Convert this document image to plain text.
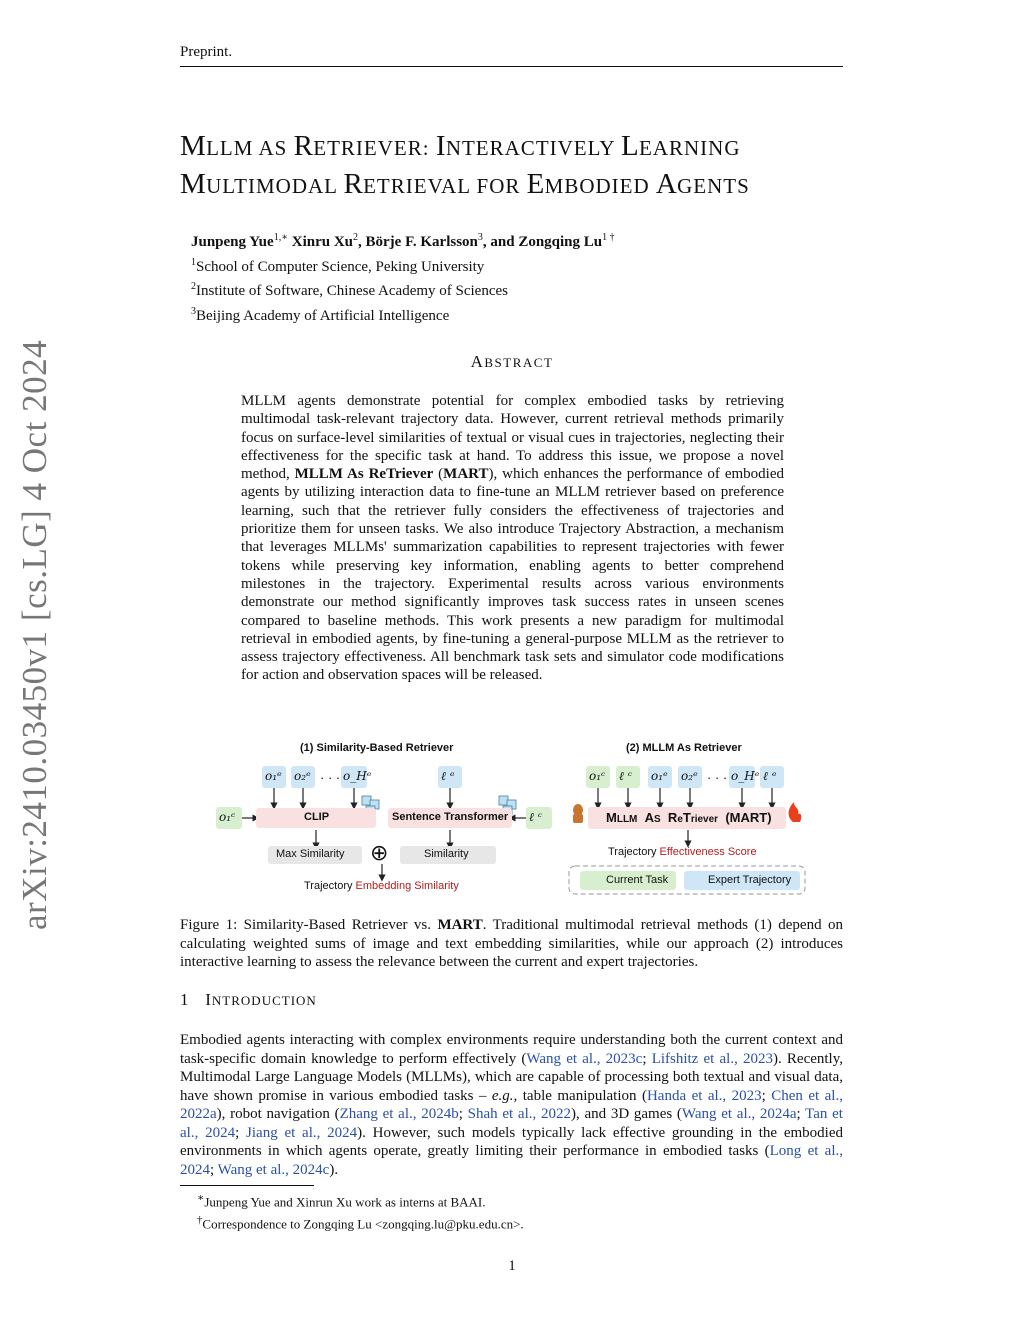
Preprint.
MLLM AS RETRIEVER: INTERACTIVELY LEARNING
MULTIMODAL RETRIEVAL FOR EMBODIED AGENTS
Junpeng Yue$^{1,∗}$ Xinru Xu$^2$, Börje F. Karlsson$^3$, and Zongqing $Lu^{1 \dagger}$
$^1$School of Computer Science, Peking University
$^2$Institute of Software, Chinese Academy of Sciences
$^3$Beijing Academy of Artificial Intelligence
arXiv:2410.03450v1 [cs.LG] 4 Oct 2024	ABSTRACT
MLLM agents demonstrate potential for complex embodied tasks by retrieving multimodal task-relevant trajectory data. However, current retrieval methods primarily focus on surface-level similarities of textual or visual cues in trajectories, neglecting their effectiveness for the specific task at hand. To address this issue, we propose a novel method, MLLM As ReTriever (MART), which enhances the performance of embodied agents by utilizing interaction data to fine-tune an MLLM retriever based on preference learning, such that the retriever fully considers the effectiveness of trajectories and prioritize them for unseen tasks. We also introduce Trajectory Abstraction, a mechanism that leverages MLLMs' summarization capabilities to represent trajectories with fewer tokens while preserving key information, enabling agents to better comprehend milestones in the trajectory. Experimental results across various environments demonstrate our method significantly improves task success rates in unseen scenes compared to baseline methods. This work presents a new paradigm for multimodal retrieval in embodied agents, by fine-tuning a general-purpose MLLM as the retriever to assess trajectory effectiveness. All benchmark task sets and simulator code modifications for action and observation spaces will be released.
(1) Similarity-Based Retriever	(2) MLLM As Retriever
o₁ᵉ o₂ᵉ · · · o_Hᵉ	ℓ ᵉ
o₁ᶜ	CLIP	Sentence Transformer ℓ ᶜ
Max Similarity ⊕	Similarity
Trajectory Embedding Similarity
o₁ᶜ ℓ ᶜ o₁ᵉ o₂ᵉ · · · o_Hᵉ ℓ ᵉ
MLLM AS ReTriever (MART)
Trajectory Effectiveness Score
Current Task	Expert Trajectory
Figure 1: Similarity-Based Retriever vs. MART. Traditional multimodal retrieval methods (1) depend on calculating weighted sums of image and text embedding similarities, while our approach (2) introduces interactive learning to assess the relevance between the current and expert trajectories.
1 INTRODUCTION
Embodied agents interacting with complex environments require understanding both the current context and task-specific domain knowledge to perform effectively (Wang et al., 2023c; Lifshitz et al., 2023). Recently, Multimodal Large Language Models (MLLMs), which are capable of processing both textual and visual data, have shown promise in various embodied tasks – e.g., table manipulation (Handa et al., 2023; Chen et al., 2022a), robot navigation (Zhang et al., 2024b; Shah et al., 2022), and 3D games (Wang et al., 2024a; Tan et al., 2024; Jiang et al., 2024). However, such models typically lack effective grounding in the embodied environments in which agents operate, greatly limiting their performance in embodied tasks (Long et al., 2024; Wang et al., 2024c).
∗Junpeng Yue and Xinrun Xu work as interns at BAAI.
†Correspondence to Zongqing Lu <zongqing.lu@pku.edu.cn>.
1
